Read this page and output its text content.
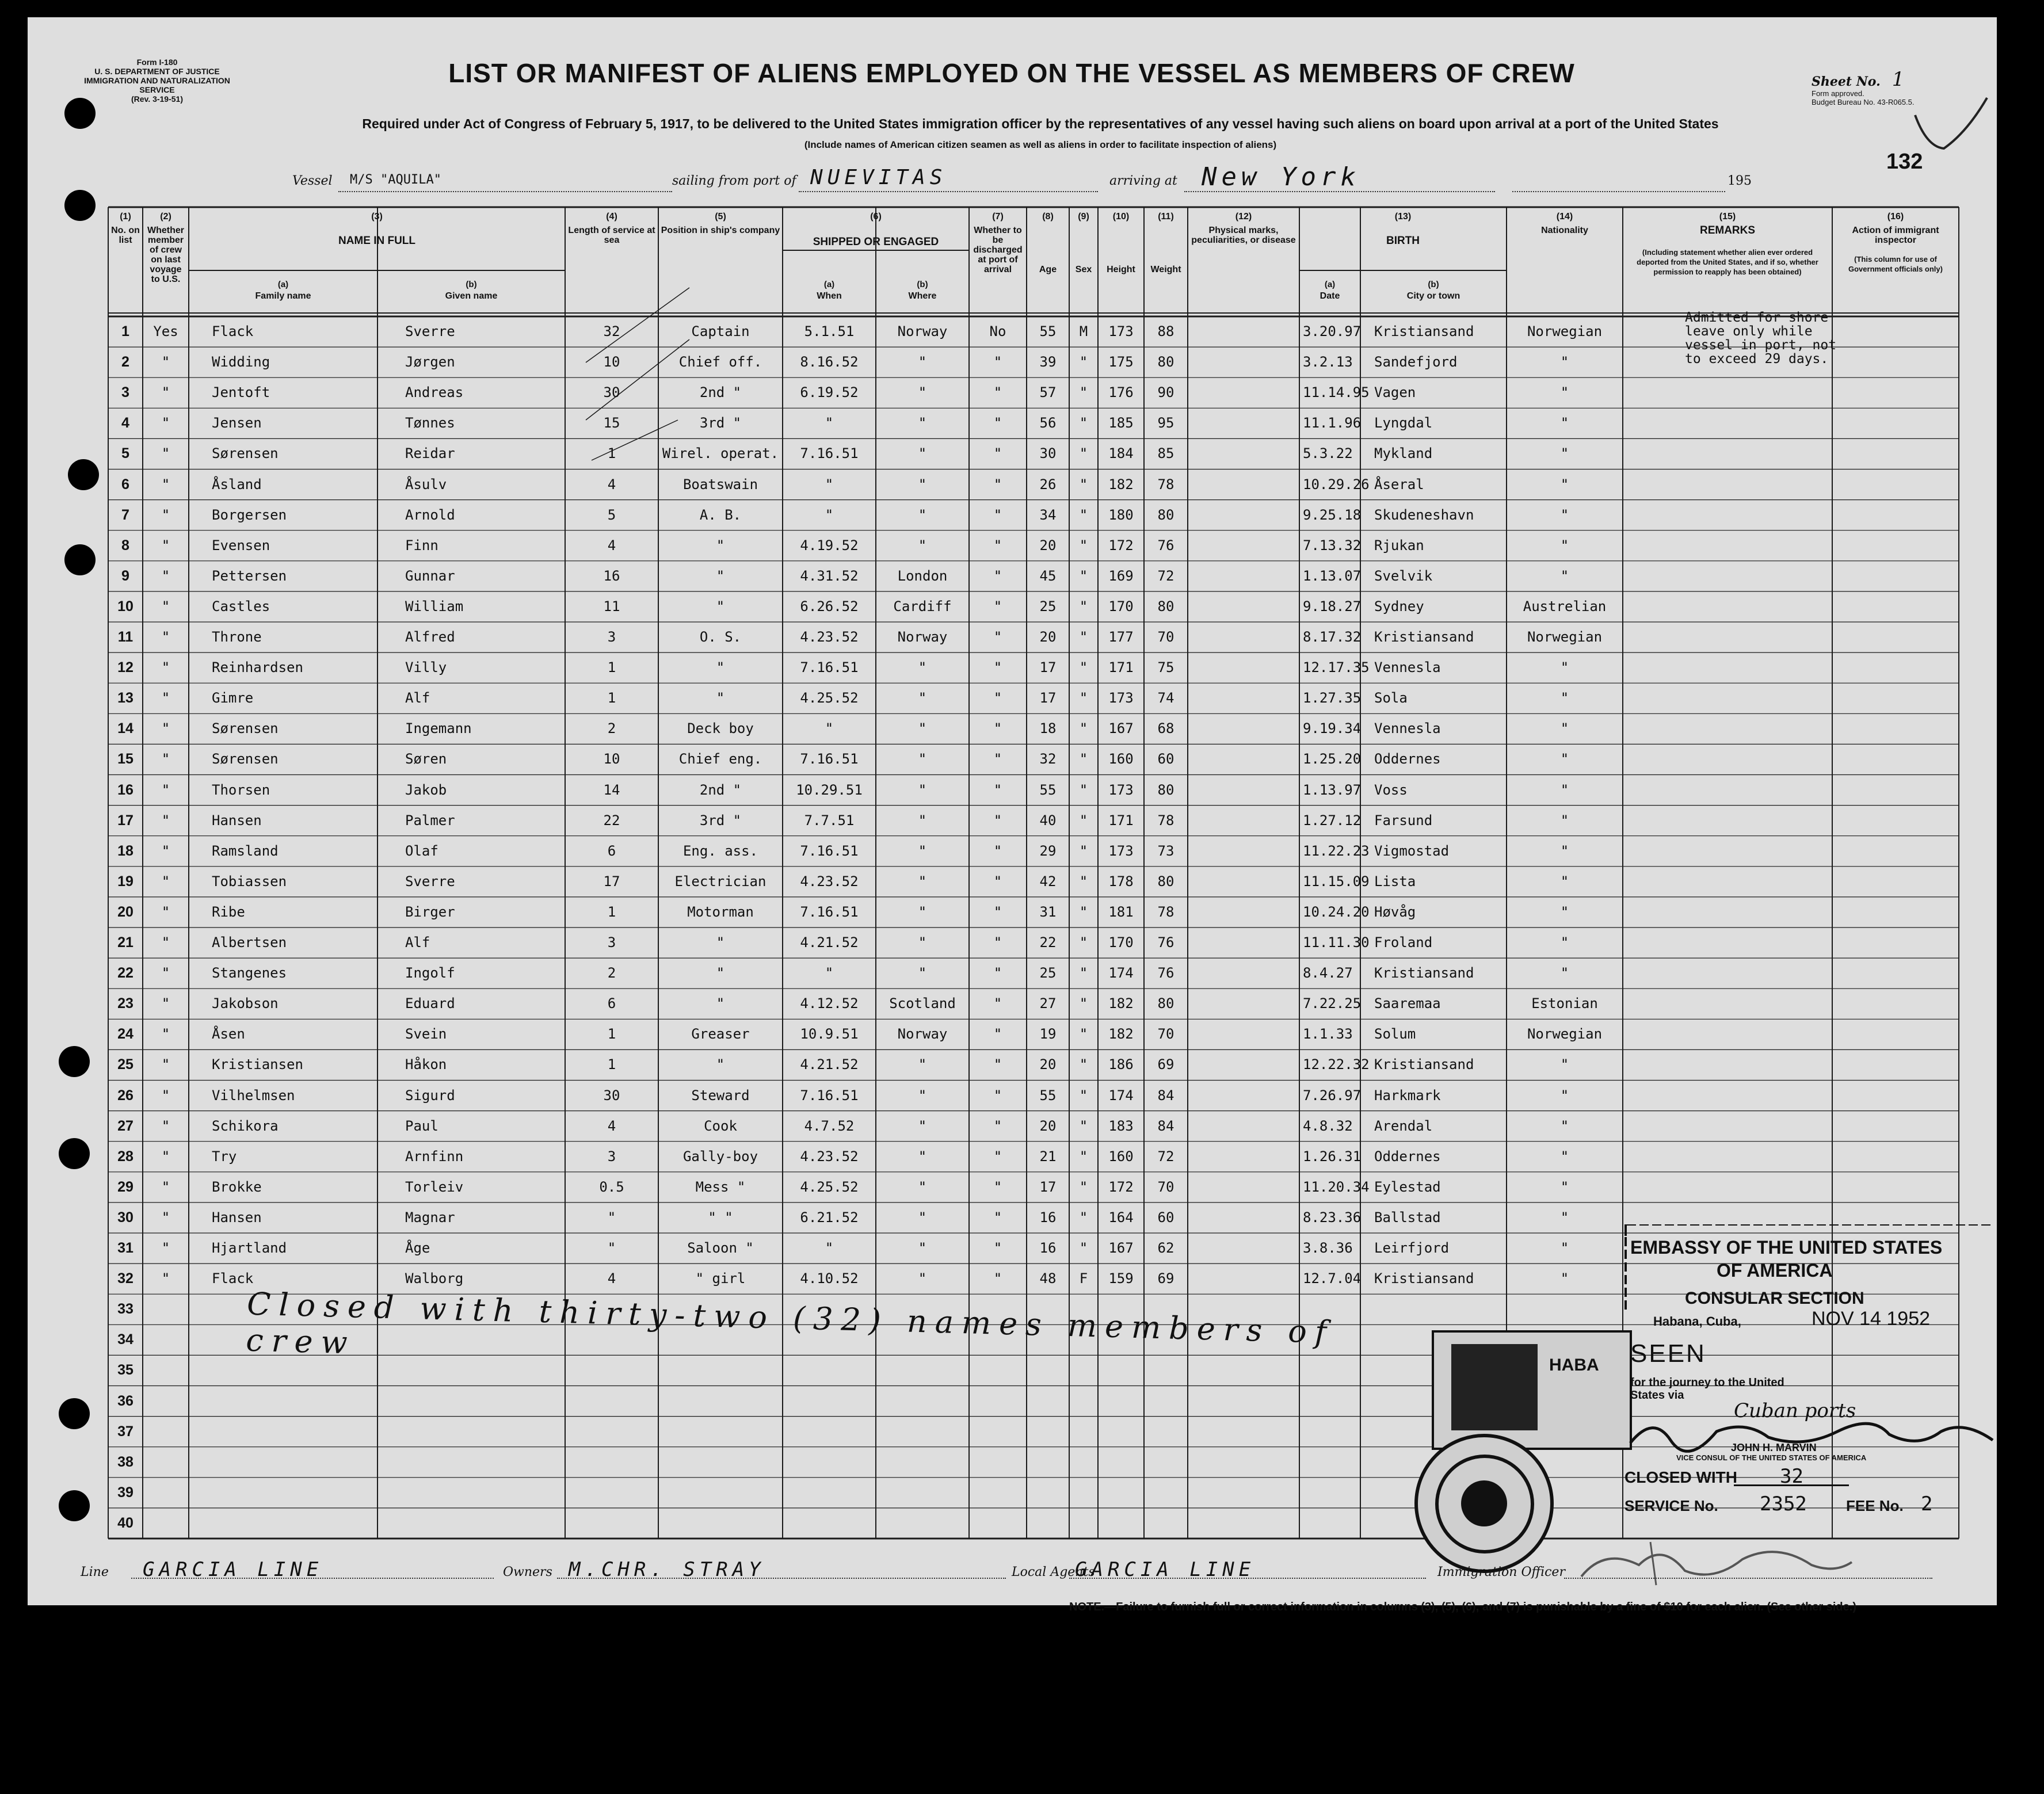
Form I-180
U. S. DEPARTMENT OF JUSTICE
IMMIGRATION AND NATURALIZATION SERVICE
(Rev. 3-19-51)
LIST OR MANIFEST OF ALIENS EMPLOYED ON THE VESSEL AS MEMBERS OF CREW	Sheet No. 1
Form approved.
Budget Bureau No. 43-R065.5.
Required under Act of Congress of February 5, 1917, to be delivered to the United States immigration officer by the representatives of any vessel having such aliens on board upon arrival at a port of the United States
(Include names of American citizen seamen as well as aliens in order to facilitate inspection of aliens)
132
Vessel M/S "AQUILA"	sailing from port of NUEVITAS	arriving at New York	195
(1)
No. on list
(2)
Whether member of crew on last voyage to U.S.
(4)
Length of service at sea
(5)
Position in ship's company
(7)
Whether to be discharged at port of arrival
(8)
Age
(9)
Sex
(10)
Height
(11)
Weight
(12)
Physical marks, peculiarities, or disease
(14)
Nationality
(15)
REMARKS
(Including statement whether alien ever ordered deported from the United States, and if so, whether permission to reapply has been obtained)
(16)
Action of immigrant inspector
(This column for use of Government officials only)
(3)
NAME IN FULL
(6)
SHIPPED OR ENGAGED
(13)
BIRTH
(a)
Family name
(b)
Given name
(a)
When
(b)
Where
(a)
Date
(b)
City or town
1	Yes	Flack	Sverre	32	Captain	5.1.51	Norway	No	55	M	173	88	3.20.97 Kristiansand	Norwegian
2	"	Widding	Jørgen	10	Chief off.	8.16.52	"	"	39	"	175	80	3.2.13 Sandefjord	"
3	"	Jentoft	Andreas	30	2nd "	6.19.52	"	"	57	"	176	90	11.14.95 Vagen	"
4	"	Jensen	Tønnes	15	3rd "	"	"	"	56	"	185	95	11.1.96 Lyngdal	"
5	"	Sørensen	Reidar	1	Wirel. operat.	7.16.51	"	"	30	"	184	85	5.3.22 Mykland	"
6	"	Åsland	Åsulv	4	Boatswain	"	"	"	26	"	182	78	10.29.26 Åseral	"
7	"	Borgersen	Arnold	5	A. B.	"	"	"	34	"	180	80	9.25.18 Skudeneshavn	"
8	"	Evensen	Finn	4	"	4.19.52	"	"	20	"	172	76	7.13.32 Rjukan	"
9	"	Pettersen	Gunnar	16	"	4.31.52	London	"	45	"	169	72	1.13.07 Svelvik	"
10	"	Castles	William	11	"	6.26.52	Cardiff	"	25	"	170	80	9.18.27 Sydney	Austrelian
11	"	Throne	Alfred	3	O. S.	4.23.52	Norway	"	20	"	177	70	8.17.32 Kristiansand	Norwegian
12	"	Reinhardsen	Villy	1	"	7.16.51	"	"	17	"	171	75	12.17.35 Vennesla	"
13	"	Gimre	Alf	1	"	4.25.52	"	"	17	"	173	74	1.27.35 Sola	"
14	"	Sørensen	Ingemann	2	Deck boy	"	"	"	18	"	167	68	9.19.34 Vennesla	"
15	"	Sørensen	Søren	10	Chief eng.	7.16.51	"	"	32	"	160	60	1.25.20 Oddernes	"
16	"	Thorsen	Jakob	14	2nd "	10.29.51	"	"	55	"	173	80	1.13.97 Voss	"
17	"	Hansen	Palmer	22	3rd "	7.7.51	"	"	40	"	171	78	1.27.12 Farsund	"
18	"	Ramsland	Olaf	6	Eng. ass.	7.16.51	"	"	29	"	173	73	11.22.23 Vigmostad	"
19	"	Tobiassen	Sverre	17	Electrician	4.23.52	"	"	42	"	178	80	11.15.09 Lista	"
20	"	Ribe	Birger	1	Motorman	7.16.51	"	"	31	"	181	78	10.24.20 Høvåg	"
21	"	Albertsen	Alf	3	"	4.21.52	"	"	22	"	170	76	11.11.30 Froland	"
22	"	Stangenes	Ingolf	2	"	"	"	"	25	"	174	76	8.4.27 Kristiansand	"
23	"	Jakobson	Eduard	6	"	4.12.52	Scotland	"	27	"	182	80	7.22.25 Saaremaa	Estonian
24	"	Åsen	Svein	1	Greaser	10.9.51	Norway	"	19	"	182	70	1.1.33 Solum	Norwegian
25	"	Kristiansen	Håkon	1	"	4.21.52	"	"	20	"	186	69	12.22.32 Kristiansand	"
26	"	Vilhelmsen	Sigurd	30	Steward	7.16.51	"	"	55	"	174	84	7.26.97 Harkmark	"
27	"	Schikora	Paul	4	Cook	4.7.52	"	"	20	"	183	84	4.8.32 Arendal	"
28	"	Try	Arnfinn	3	Gally-boy	4.23.52	"	"	21	"	160	72	1.26.31 Oddernes	"
29	"	Brokke	Torleiv	0.5	Mess "	4.25.52	"	"	17	"	172	70	11.20.34 Eylestad	"
30	"	Hansen	Magnar	"	" "	6.21.52	"	"	16	"	164	60	8.23.36 Ballstad	"
31	"	Hjartland	Åge	"	Saloon "	"	"	"	16	"	167	62	3.8.36 Leirfjord	"
32	"	Flack	Walborg	4	" girl	4.10.52	"	"	48	F	159	69	12.7.04 Kristiansand	"
33
34
35
36
37
38
39
40
Admitted for shore leave only while vessel in port, not to exceed 29 days.
Closed with thirty-two (32) names members of crew
HABA
EMBASSY OF THE UNITED STATES
OF AMERICA
CONSULAR SECTION
Habana, Cuba,	NOV 14 1952
SEEN
for the journey to the United States via
Cuban ports
JOHN H. MARVIN
VICE CONSUL OF THE UNITED STATES OF AMERICA
CLOSED WITH 32
SERVICE No. 2352	FEE No. 2
Line GARCIA LINE	Owners M.CHR. STRAY	Local Agents
GARCIA LINE	Immigration Officer
NOTE.—Failure to furnish full or correct information in columns (3), (5), (6), and (7) is punishable by a fine of $10 for each alien. (See other side.)
